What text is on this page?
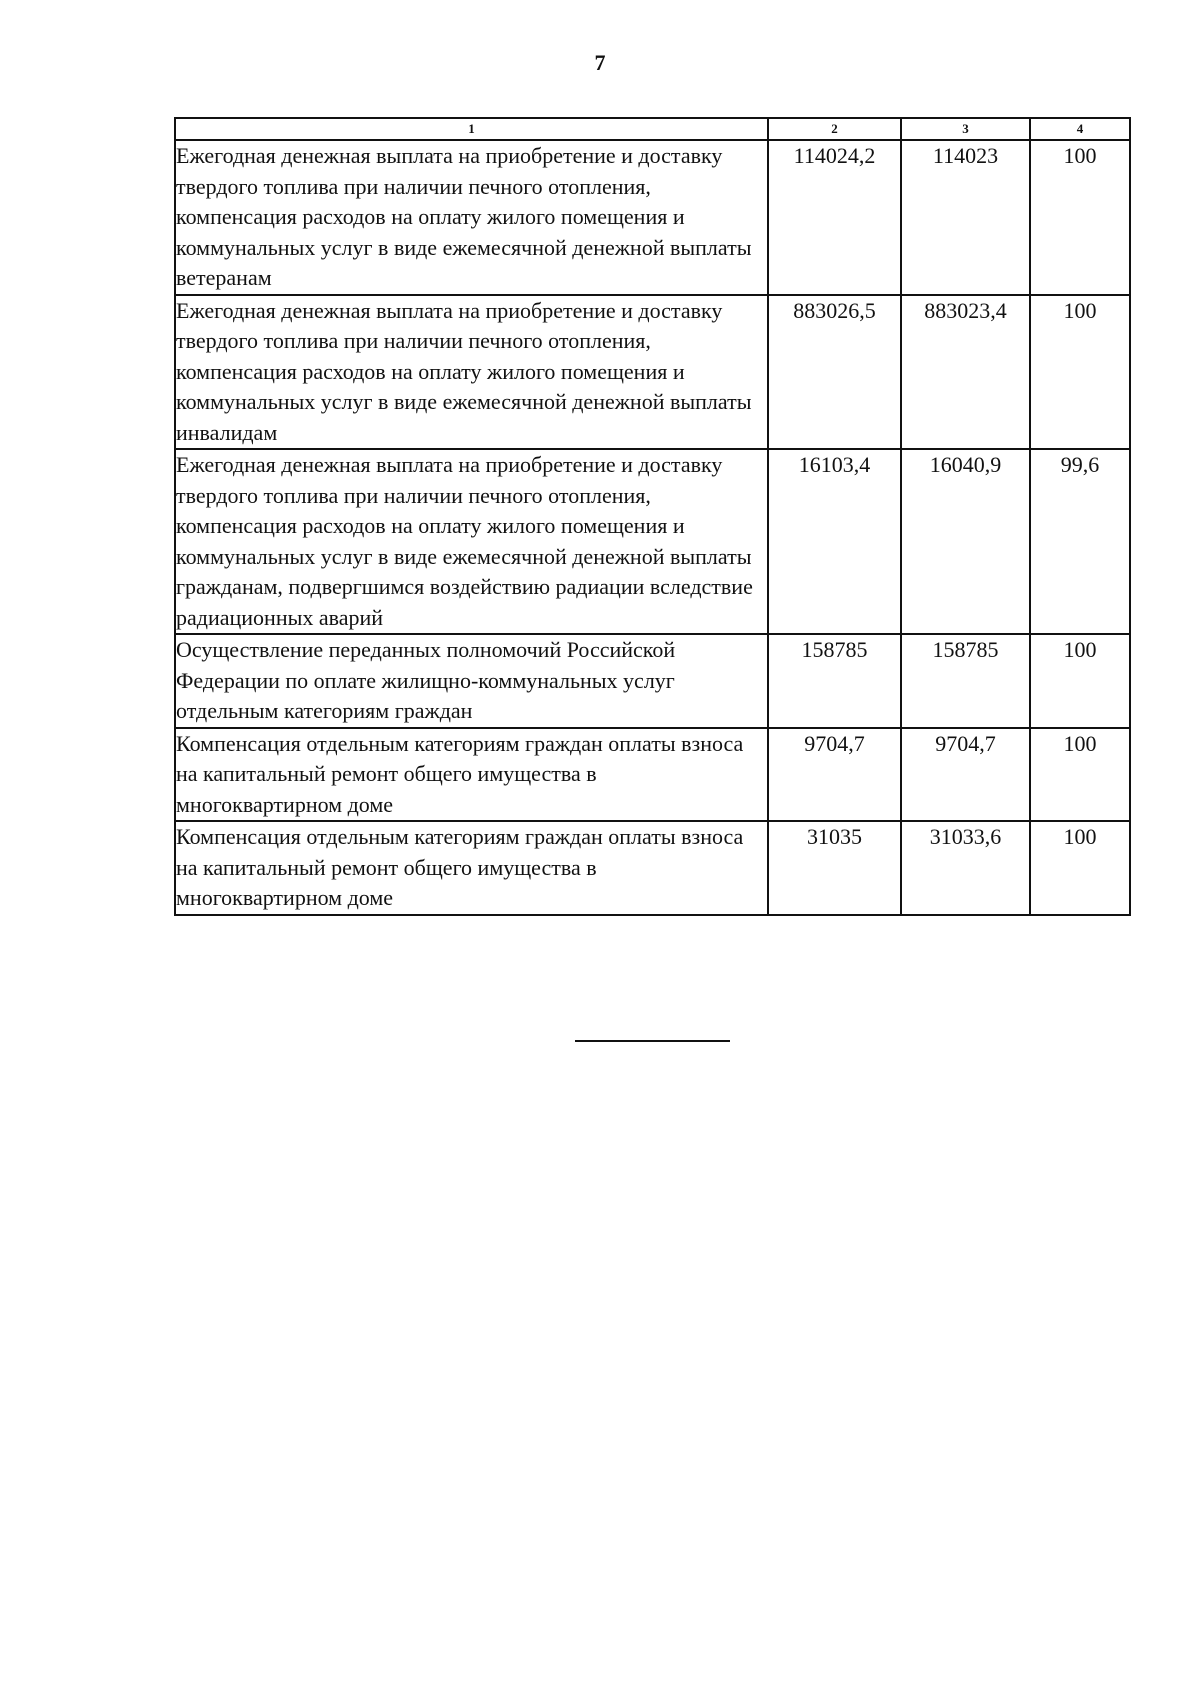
7
1	2	3	4
Ежегодная денежная выплата на приобретение и доставку твердого топлива при наличии печного отопления, компенсация расходов на оплату жилого помещения и коммунальных услуг в виде ежемесячной денежной выплаты ветеранам	114024,2	114023	100
Ежегодная денежная выплата на приобретение и доставку твердого топлива при наличии печного отопления, компенсация расходов на оплату жилого помещения и коммунальных услуг в виде ежемесячной денежной выплаты инвалидам	883026,5	883023,4	100
Ежегодная денежная выплата на приобретение и доставку твердого топлива при наличии печного отопления, компенсация расходов на оплату жилого помещения и коммунальных услуг в виде ежемесячной денежной выплаты гражданам, подвергшимся воздействию радиации вследствие радиационных аварий	16103,4	16040,9	99,6
Осуществление переданных полномочий Российской Федерации по оплате жилищно-коммунальных услуг отдельным категориям граждан	158785	158785	100
Компенсация отдельным категориям граждан оплаты взноса на капитальный ремонт общего имущества в многоквартирном доме	9704,7	9704,7	100
Компенсация отдельным категориям граждан оплаты взноса на капитальный ремонт общего имущества в многоквартирном доме	31035	31033,6	100
